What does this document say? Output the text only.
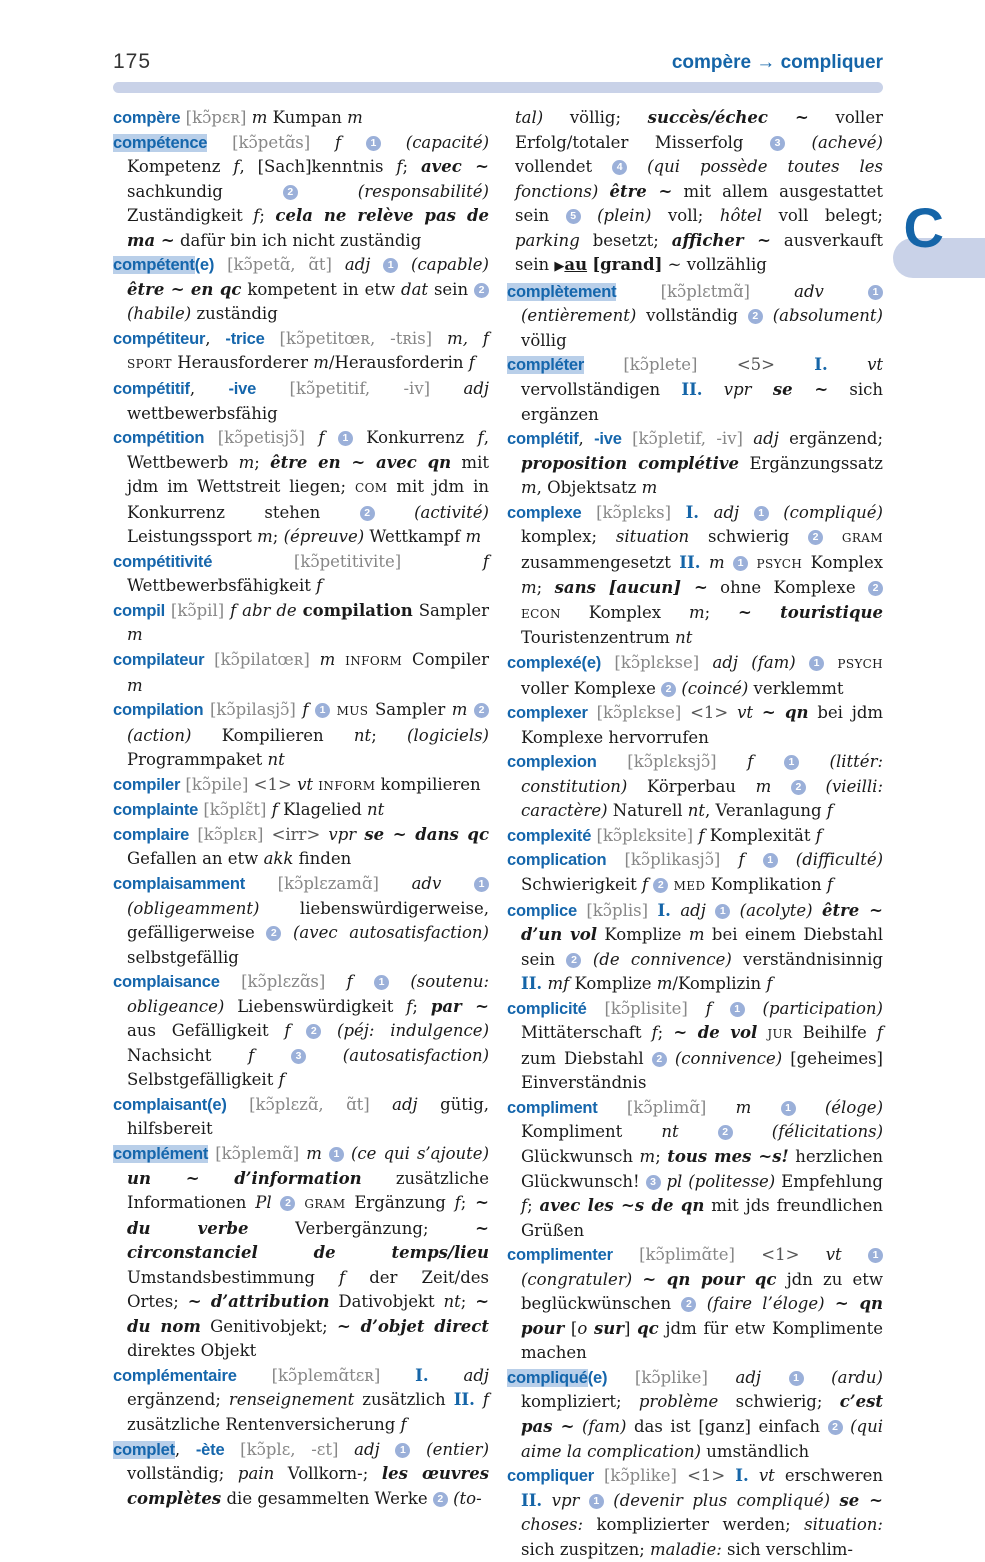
175	compère → compliquer
C

compère [kɔ̃pɛʀ] m Kumpan m

compétence [kɔ̃petɑ̃s] f	1 (capacité) Kompetenz f, [Sach]kenntnis f; avec ~ sachkundig 2 (responsabilité) Zuständigkeit f; cela ne relève pas de ma ~ dafür bin ich nicht zuständig

compétent(e) [kɔ̃petɑ̃, ɑ̃t] adj 1 (capable) être ~ en qc kompetent in etw dat sein 2 (habile) zuständig

compétiteur, -trice [kɔ̃petitœʀ, -tʀis] m, f SPORT Herausforderer m/Herausforderin f

compétitif, -ive [kɔ̃petitif, -iv] adj wettbewerbsfähig

compétition [kɔ̃petisjɔ̃] f 1 Konkurrenz f, Wettbewerb m; être en ~ avec qn mit jdm im Wettstreit liegen; COM mit jdm in Konkurrenz stehen 2 (activité) Leistungssport m; (épreuve) Wettkampf m

compétitivité	[kɔ̃petitivite]	f Wettbewerbsfähigkeit f

compil [kɔ̃pil] f abr de compilation Sampler m

compilateur [kɔ̃pilatœʀ] m INFORM Compiler m

compilation [kɔ̃pilasjɔ̃] f 1 MUS Sampler m 2 (action) Kompilieren nt; (logiciels) Programmpaket nt

compiler [kɔ̃pile] <1> vt INFORM kompilieren

complainte [kɔ̃plɛ̃t] f Klagelied nt

complaire [kɔ̃plɛʀ] <irr> vpr se ~ dans qc Gefallen an etw akk finden

complaisamment [kɔ̃plɛzamɑ̃] adv	1 (obligeamment) liebenswürdigerweise, gefälligerweise 2 (avec autosatisfaction) selbstgefällig

complaisance [kɔ̃plɛzɑ̃s] f 1 (soutenu: obligeance) Liebenswürdigkeit f; par ~ aus Gefälligkeit f 2 (péj: indulgence) Nachsicht f	3 (autosatisfaction) Selbstgefälligkeit f

complaisant(e) [kɔ̃plɛzɑ̃, ɑ̃t] adj gütig, hilfsbereit

complément [kɔ̃plemɑ̃] m 1 (ce qui s’ajoute) un ~ d’information zusätzliche Informationen Pl 2 GRAM Ergänzung f; ~ du verbe Verbergänzung; ~ circonstanciel de temps/lieu Umstandsbestimmung f der Zeit/des Ortes; ~ d’attribution Dativobjekt nt; ~ du nom Genitivobjekt; ~ d’objet direct direktes Objekt

complémentaire [kɔ̃plemɑ̃tɛʀ] I. adj ergänzend; renseignement zusätzlich II. f zusätzliche Rentenversicherung f

complet, -ète [kɔ̃plɛ, -ɛt] adj 1 (entier) vollständig; pain Vollkorn-; les œuvres complètes die gesammelten Werke 2 (to-

tal) völlig; succès/échec ~ voller Erfolg/totaler Misserfolg 3 (achevé) vollendet 4 (qui possède toutes les fonctions) être ~ mit allem ausgestattet sein 5 (plein) voll; hôtel voll belegt; parking besetzt; afficher ~ ausverkauft sein ▶au [grand] ~ vollzählig

complètement	[kɔ̃plɛtmɑ̃]	adv	1 (entièrement) vollständig 2 (absolument) völlig

compléter [kɔ̃plete] <5> I. vt vervollständigen II. vpr se ~ sich ergänzen

complétif, -ive [kɔ̃pletif, -iv] adj ergänzend; proposition complétive Ergänzungssatz m, Objektsatz m

complexe [kɔ̃plɛks] I. adj 1 (compliqué) komplex; situation schwierig 2 GRAM zusammengesetzt II. m 1 PSYCH Komplex m; sans [aucun] ~ ohne Komplexe 2 ECON Komplex m; ~ touristique Touristenzentrum nt

complexé(e) [kɔ̃plɛkse] adj (fam) 1 PSYCH voller Komplexe 2 (coincé) verklemmt

complexer [kɔ̃plɛkse] <1> vt ~ qn bei jdm Komplexe hervorrufen

complexion [kɔ̃plɛksjɔ̃] f	1 (littér: constitution) Körperbau m 2 (vieilli: caractère) Naturell nt, Veranlagung f

complexité [kɔ̃plɛksite] f Komplexität f

complication [kɔ̃plikasjɔ̃] f 1 (difficulté) Schwierigkeit f 2 MED Komplikation f

complice [kɔ̃plis] I. adj 1 (acolyte) être ~ d’un vol Komplize m bei einem Diebstahl sein 2 (de connivence) verständnisinnig II. mf Komplize m/Komplizin f

complicité [kɔ̃plisite] f 1 (participation) Mittäterschaft f; ~ de vol JUR Beihilfe f zum Diebstahl 2 (connivence) [geheimes] Einverständnis

compliment [kɔ̃plimɑ̃] m	1 (éloge) Kompliment nt	2 (félicitations) Glückwunsch m; tous mes ~s! herzlichen Glückwunsch! 3 pl (politesse) Empfehlung f; avec les ~s de qn mit jds freundlichen Grüßen

complimenter [kɔ̃plimɑ̃te] <1> vt	1 (congratuler) ~ qn pour qc jdn zu etw beglückwünschen 2 (faire l’éloge) ~ qn pour [o sur] qc jdm für etw Komplimente machen

compliqué(e) [kɔ̃plike] adj	1 (ardu) kompliziert; problème schwierig; c’est pas ~ (fam) das ist [ganz] einfach 2 (qui aime la complication) umständlich

compliquer [kɔ̃plike] <1> I. vt erschweren II. vpr 1 (devenir plus compliqué) se ~ choses: komplizierter werden; situation: sich zuspitzen; maladie: sich verschlim-
